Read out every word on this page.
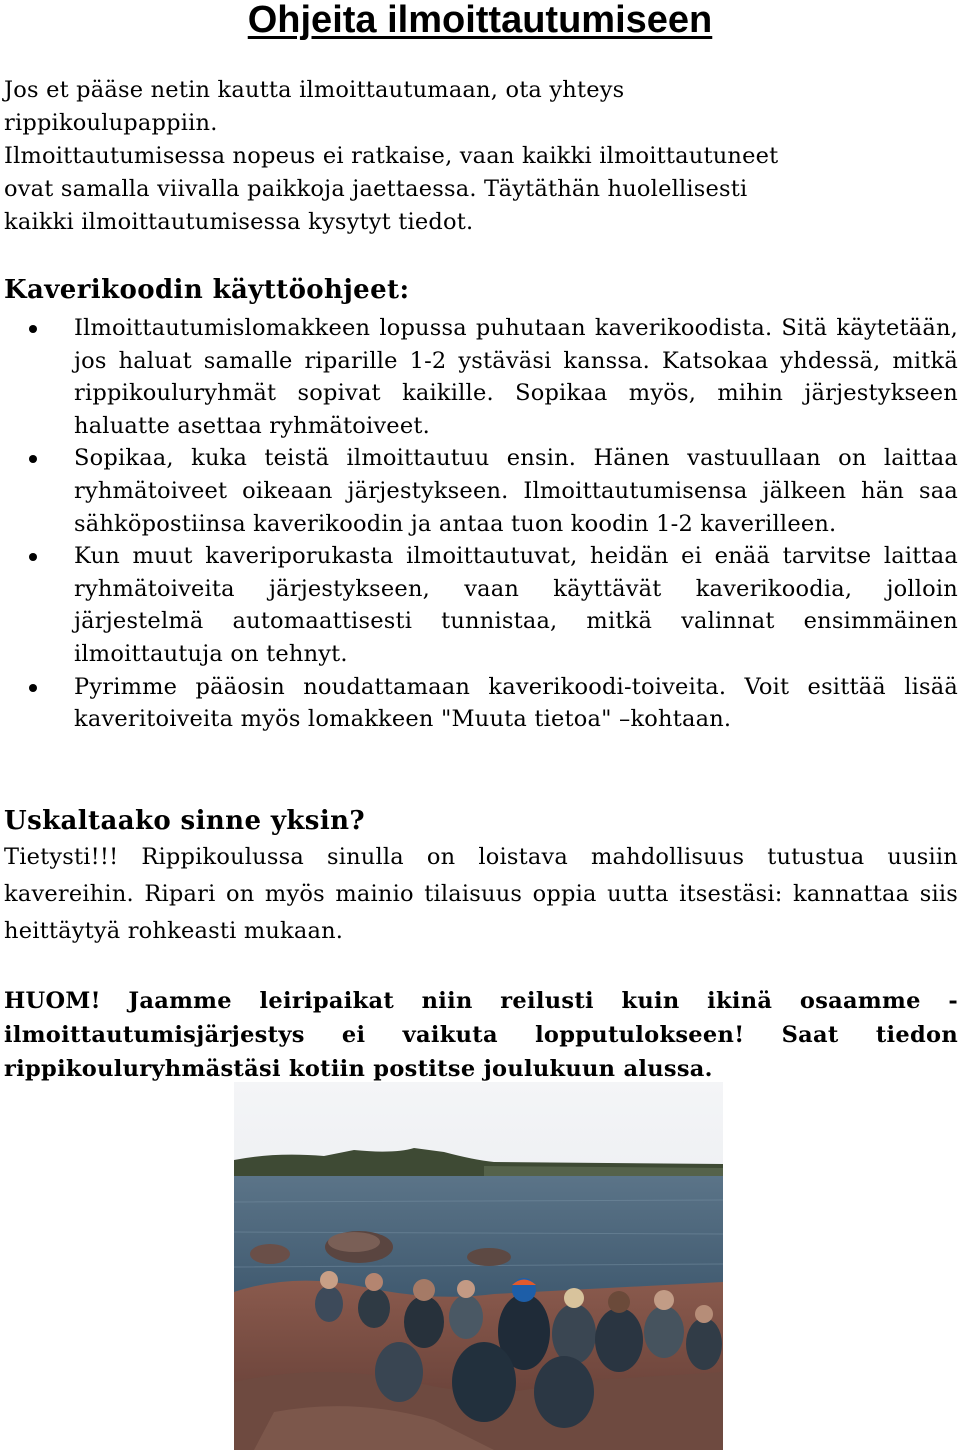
Ohjeita ilmoittautumiseen

Jos et pääse netin kautta ilmoittautumaan, ota yhteys

rippikoulupappiin.

Ilmoittautumisessa nopeus ei ratkaise, vaan kaikki ilmoittautuneet

ovat samalla viivalla paikkoja jaettaessa. Täytäthän huolellisesti

kaikki ilmoittautumisessa kysytyt tiedot.

Kaverikoodin käyttöohjeet:
Ilmoittautumislomakkeen lopussa puhutaan kaverikoodista. Sitä käytetään, jos haluat samalle riparille 1-2 ystäväsi kanssa. Katsokaa yhdessä, mitkä rippikouluryhmät sopivat kaikille. Sopikaa myös, mihin järjestykseen haluatte asettaa ryhmätoiveet.
Sopikaa, kuka teistä ilmoittautuu ensin. Hänen vastuullaan on laittaa ryhmätoiveet oikeaan järjestykseen. Ilmoittautumisensa jälkeen hän saa sähköpostiinsa kaverikoodin ja antaa tuon koodin 1-2 kaverilleen.
Kun muut kaveriporukasta ilmoittautuvat, heidän ei enää tarvitse laittaa ryhmätoiveita järjestykseen, vaan käyttävät kaverikoodia, jolloin järjestelmä automaattisesti tunnistaa, mitkä valinnat ensimmäinen ilmoittautuja on tehnyt.
Pyrimme pääosin noudattamaan kaverikoodi-toiveita. Voit esittää lisää kaveritoiveita myös lomakkeen "Muuta tietoa" –kohtaan.
Uskaltaako sinne yksin?

Tietysti!!! Rippikoulussa sinulla on loistava mahdollisuus tutustua uusiin kavereihin. Ripari on myös mainio tilaisuus oppia uutta itsestäsi: kannattaa siis heittäytyä rohkeasti mukaan.

HUOM! Jaamme leiripaikat niin reilusti kuin ikinä osaamme - ilmoittautumisjärjestys ei vaikuta lopputulokseen! Saat tiedon rippikouluryhmästäsi kotiin postitse joulukuun alussa.
